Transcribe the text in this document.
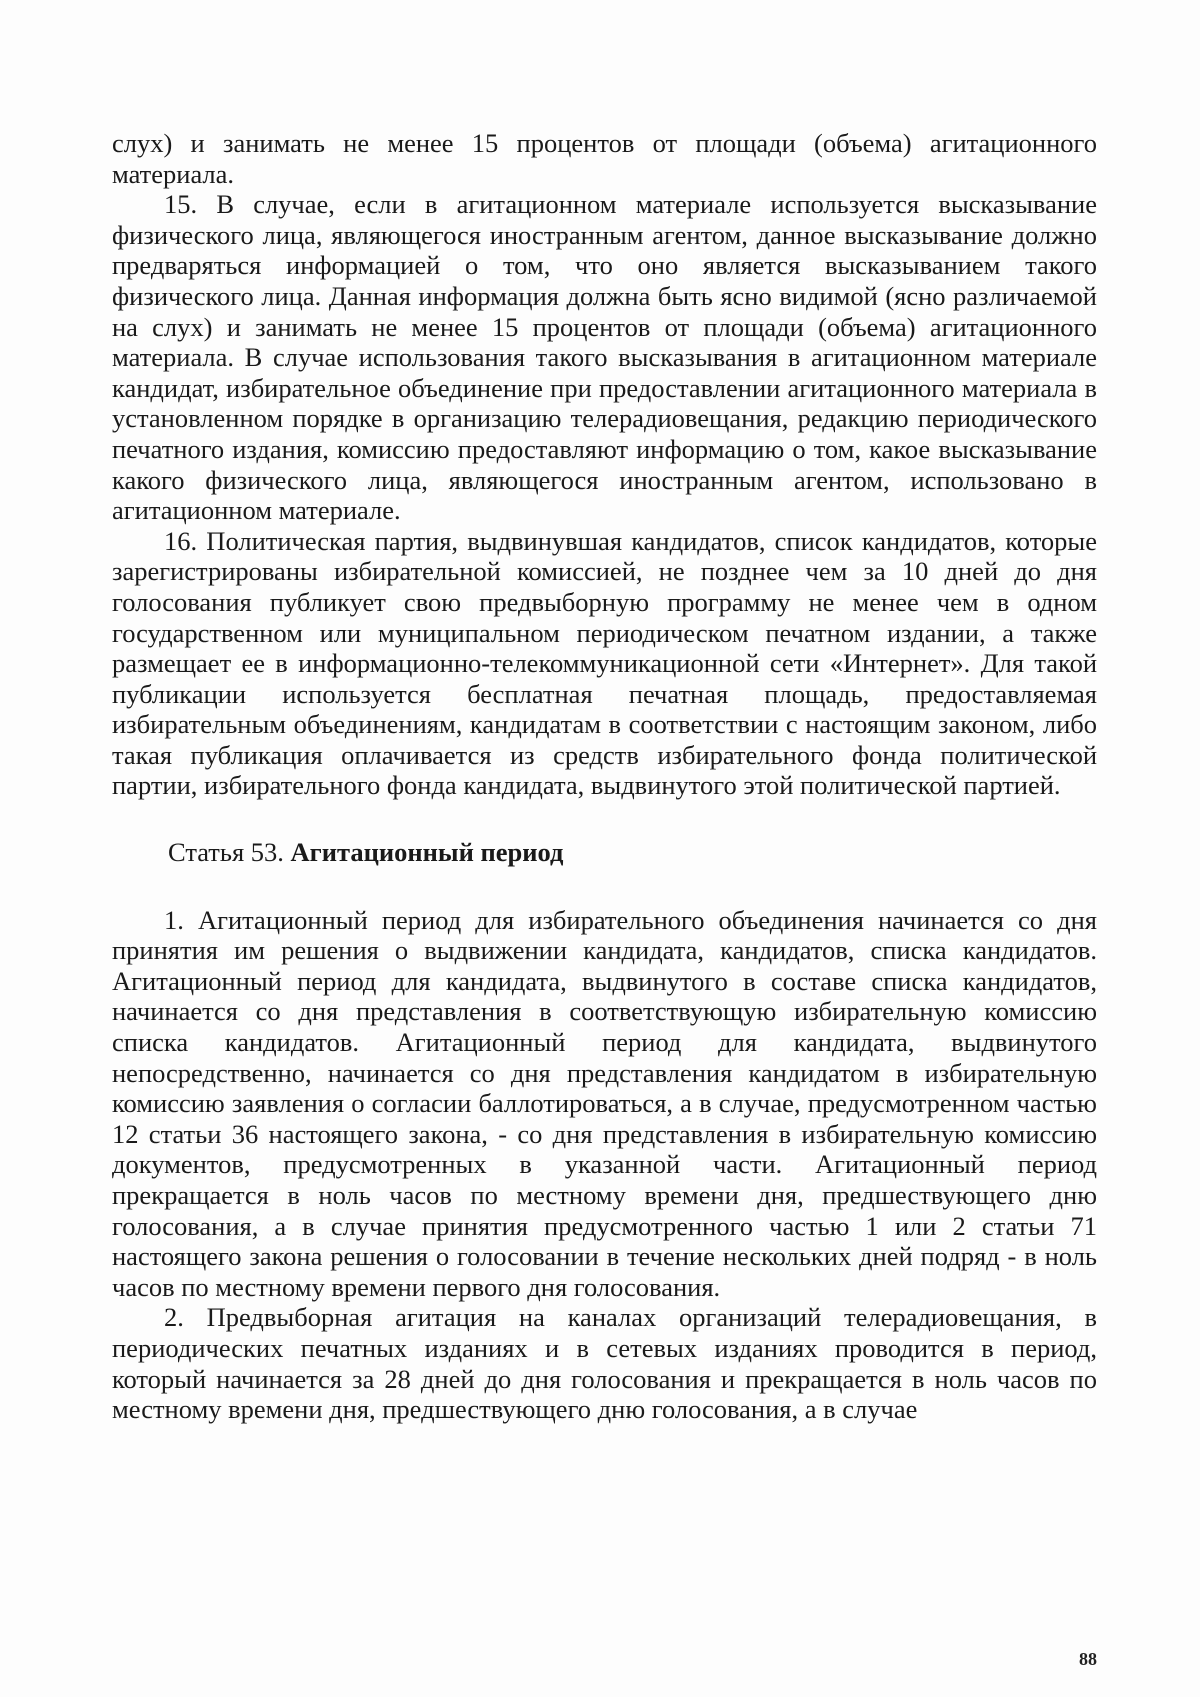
слух) и занимать не менее 15 процентов от площади (объема) агитационного материала.

15. В случае, если в агитационном материале используется высказывание физического лица, являющегося иностранным агентом, данное высказывание должно предваряться информацией о том, что оно является высказыванием такого физического лица. Данная информация должна быть ясно видимой (ясно различаемой на слух) и занимать не менее 15 процентов от площади (объема) агитационного материала. В случае использования такого высказывания в агитационном материале кандидат, избирательное объединение при предоставлении агитационного материала в установленном порядке в организацию телерадиовещания, редакцию периодического печатного издания, комиссию предоставляют информацию о том, какое высказывание какого физического лица, являющегося иностранным агентом, использовано в агитационном материале.

16. Политическая партия, выдвинувшая кандидатов, список кандидатов, которые зарегистрированы избирательной комиссией, не позднее чем за 10 дней до дня голосования публикует свою предвыборную программу не менее чем в одном государственном или муниципальном периодическом печатном издании, а также размещает ее в информационно-телекоммуникационной сети «Интернет». Для такой публикации используется бесплатная печатная площадь, предоставляемая избирательным объединениям, кандидатам в соответствии с настоящим законом, либо такая публикация оплачивается из средств избирательного фонда политической партии, избирательного фонда кандидата, выдвинутого этой политической партией.

Статья 53. Агитационный период

1. Агитационный период для избирательного объединения начинается со дня принятия им решения о выдвижении кандидата, кандидатов, списка кандидатов. Агитационный период для кандидата, выдвинутого в составе списка кандидатов, начинается со дня представления в соответствующую избирательную комиссию списка кандидатов. Агитационный период для кандидата, выдвинутого непосредственно, начинается со дня представления кандидатом в избирательную комиссию заявления о согласии баллотироваться, а в случае, предусмотренном частью 12 статьи 36 настоящего закона, - со дня представления в избирательную комиссию документов, предусмотренных в указанной части. Агитационный период прекращается в ноль часов по местному времени дня, предшествующего дню голосования, а в случае принятия предусмотренного частью 1 или 2 статьи 71 настоящего закона решения о голосовании в течение нескольких дней подряд - в ноль часов по местному времени первого дня голосования.

2. Предвыборная агитация на каналах организаций телерадиовещания, в периодических печатных изданиях и в сетевых изданиях проводится в период, который начинается за 28 дней до дня голосования и прекращается в ноль часов по местному времени дня, предшествующего дню голосования, а в случае

88
